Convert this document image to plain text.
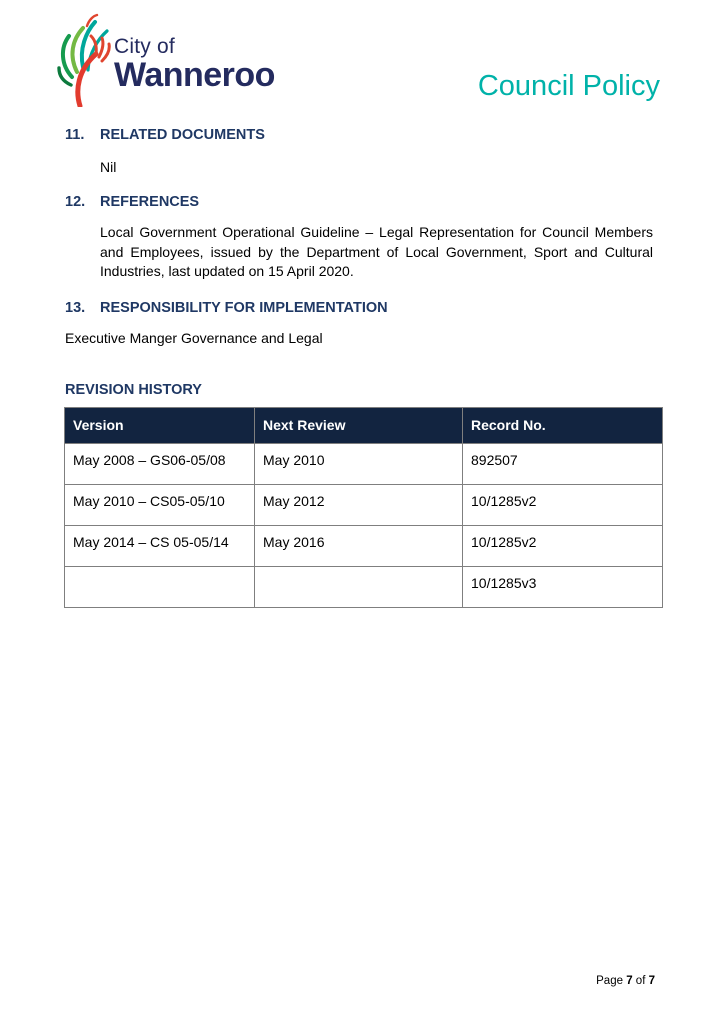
City of
Wanneroo	Council Policy
11.	RELATED DOCUMENTS
Nil
12.	REFERENCES
Local Government Operational Guideline – Legal Representation for Council Members and Employees, issued by the Department of Local Government, Sport and Cultural Industries, last updated on 15 April 2020.
13.	RESPONSIBILITY FOR IMPLEMENTATION
Executive Manger Governance and Legal
REVISION HISTORY
Version	Next Review	Record No.
May 2008 – GS06-05/08	May 2010	892507
May 2010 – CS05-05/10	May 2012	10/1285v2
May 2014 – CS 05-05/14	May 2016	10/1285v2
		10/1285v3
Page 7 of 7
